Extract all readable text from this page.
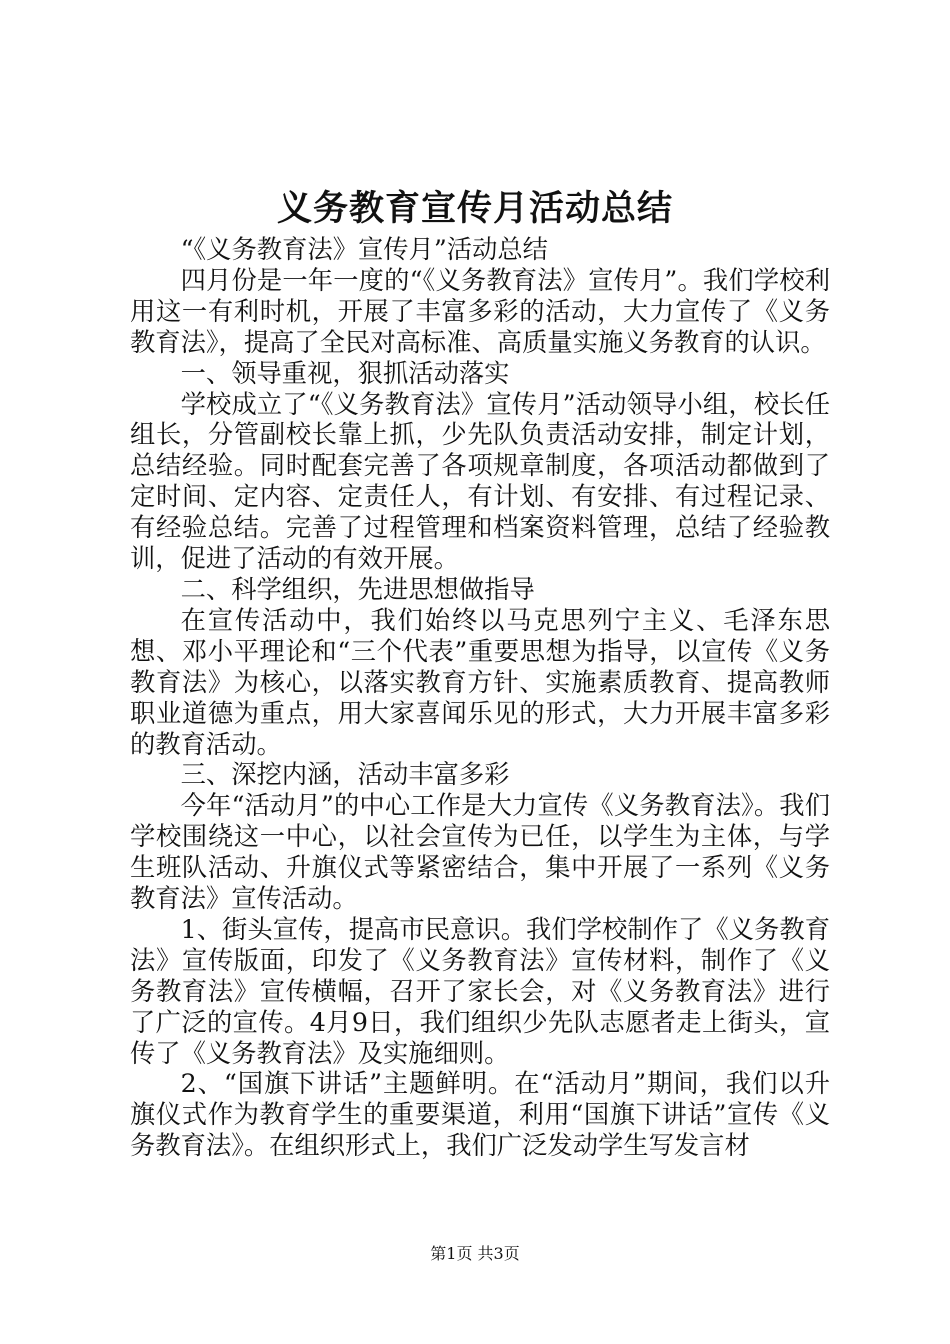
义务教育宣传月活动总结

“《义务教育法》宣传月”活动总结

四月份是一年一度的“《义务教育法》宣传月”。我们学校利用这一有利时机，开展了丰富多彩的活动，大力宣传了《义务教育法》，提高了全民对高标准、高质量实施义务教育的认识。

一、领导重视，狠抓活动落实

学校成立了“《义务教育法》宣传月”活动领导小组，校长任组长，分管副校长靠上抓，少先队负责活动安排，制定计划，总结经验。同时配套完善了各项规章制度，各项活动都做到了定时间、定内容、定责任人，有计划、有安排、有过程记录、有经验总结。完善了过程管理和档案资料管理，总结了经验教训，促进了活动的有效开展。

二、科学组织，先进思想做指导

在宣传活动中，我们始终以马克思列宁主义、毛泽东思想、邓小平理论和“三个代表”重要思想为指导，以宣传《义务教育法》为核心，以落实教育方针、实施素质教育、提高教师职业道德为重点，用大家喜闻乐见的形式，大力开展丰富多彩的教育活动。

三、深挖内涵，活动丰富多彩

今年“活动月”的中心工作是大力宣传《义务教育法》。我们学校围绕这一中心，以社会宣传为已任，以学生为主体，与学生班队活动、升旗仪式等紧密结合，集中开展了一系列《义务教育法》宣传活动。

1、街头宣传，提高市民意识。我们学校制作了《义务教育法》宣传版面，印发了《义务教育法》宣传材料，制作了《义务教育法》宣传横幅，召开了家长会，对《义务教育法》进行了广泛的宣传。4月9日，我们组织少先队志愿者走上街头，宣传了《义务教育法》及实施细则。

2、“国旗下讲话”主题鲜明。在“活动月”期间，我们以升旗仪式作为教育学生的重要渠道，利用“国旗下讲话”宣传《义务教育法》。在组织形式上，我们广泛发动学生写发言材

第1页 共3页
